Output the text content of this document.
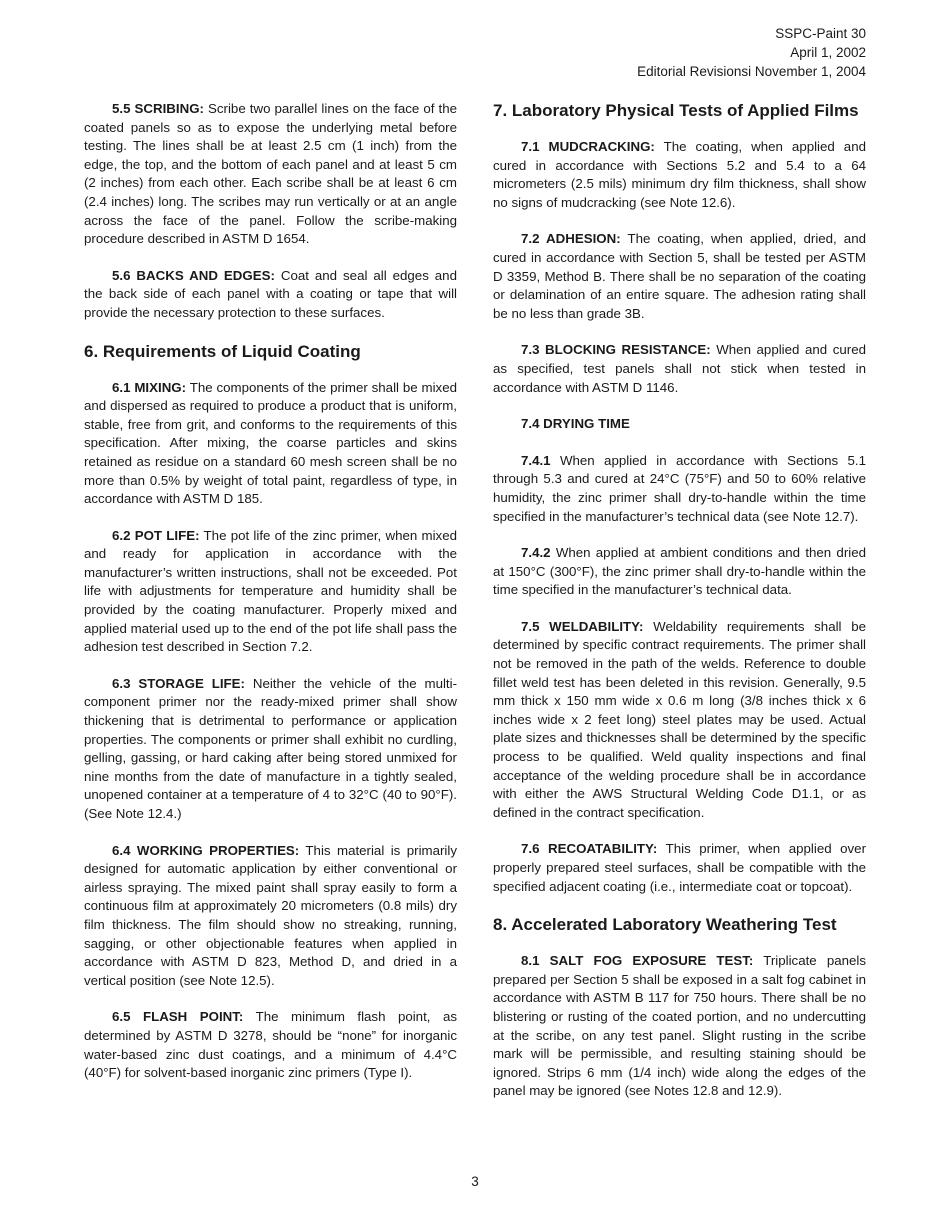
SSPC-Paint 30
April 1, 2002
Editorial Revisionsi November 1, 2004

5.5 SCRIBING: Scribe two parallel lines on the face of the coated panels so as to expose the underlying metal before testing. The lines shall be at least 2.5 cm (1 inch) from the edge, the top, and the bottom of each panel and at least 5 cm (2 inches) from each other. Each scribe shall be at least 6 cm (2.4 inches) long. The scribes may run vertically or at an angle across the face of the panel. Follow the scribe-making procedure described in ASTM D 1654.

5.6 BACKS AND EDGES: Coat and seal all edges and the back side of each panel with a coating or tape that will provide the necessary protection to these surfaces.

6. Requirements of Liquid Coating

6.1 MIXING: The components of the primer shall be mixed and dispersed as required to produce a product that is uniform, stable, free from grit, and conforms to the requirements of this specification. After mixing, the coarse particles and skins retained as residue on a standard 60 mesh screen shall be no more than 0.5% by weight of total paint, regardless of type, in accordance with ASTM D 185.

6.2 POT LIFE: The pot life of the zinc primer, when mixed and ready for application in accordance with the manufacturer’s written instructions, shall not be exceeded. Pot life with adjustments for temperature and humidity shall be provided by the coating manufacturer. Properly mixed and applied material used up to the end of the pot life shall pass the adhesion test described in Section 7.2.

6.3 STORAGE LIFE: Neither the vehicle of the multi-component primer nor the ready-mixed primer shall show thickening that is detrimental to performance or application properties. The components or primer shall exhibit no curdling, gelling, gassing, or hard caking after being stored unmixed for nine months from the date of manufacture in a tightly sealed, unopened container at a temperature of 4 to 32°C (40 to 90°F). (See Note 12.4.)

6.4 WORKING PROPERTIES: This material is primarily designed for automatic application by either conventional or airless spraying. The mixed paint shall spray easily to form a continuous film at approximately 20 micrometers (0.8 mils) dry film thickness. The film should show no streaking, running, sagging, or other objectionable features when applied in accordance with ASTM D 823, Method D, and dried in a vertical position (see Note 12.5).

6.5 FLASH POINT: The minimum flash point, as determined by ASTM D 3278, should be “none” for inorganic water-based zinc dust coatings, and a minimum of 4.4°C (40°F) for solvent-based inorganic zinc primers (Type I).

7. Laboratory Physical Tests of Applied Films

7.1 MUDCRACKING: The coating, when applied and cured in accordance with Sections 5.2 and 5.4 to a 64 micrometers (2.5 mils) minimum dry film thickness, shall show no signs of mudcracking (see Note 12.6).

7.2 ADHESION: The coating, when applied, dried, and cured in accordance with Section 5, shall be tested per ASTM D 3359, Method B. There shall be no separation of the coating or delamination of an entire square. The adhesion rating shall be no less than grade 3B.

7.3 BLOCKING RESISTANCE: When applied and cured as specified, test panels shall not stick when tested in accordance with ASTM D 1146.

7.4 DRYING TIME

7.4.1 When applied in accordance with Sections 5.1 through 5.3 and cured at 24°C (75°F) and 50 to 60% relative humidity, the zinc primer shall dry-to-handle within the time specified in the manufacturer’s technical data (see Note 12.7).

7.4.2 When applied at ambient conditions and then dried at 150°C (300°F), the zinc primer shall dry-to-handle within the time specified in the manufacturer’s technical data.

7.5 WELDABILITY: Weldability requirements shall be determined by specific contract requirements. The primer shall not be removed in the path of the welds. Reference to double fillet weld test has been deleted in this revision. Generally, 9.5 mm thick x 150 mm wide x 0.6 m long (3/8 inches thick x 6 inches wide x 2 feet long) steel plates may be used. Actual plate sizes and thicknesses shall be determined by the specific process to be qualified. Weld quality inspections and final acceptance of the welding procedure shall be in accordance with either the AWS Structural Welding Code D1.1, or as defined in the contract specification.

7.6 RECOATABILITY: This primer, when applied over properly prepared steel surfaces, shall be compatible with the specified adjacent coating (i.e., intermediate coat or topcoat).

8. Accelerated Laboratory Weathering Test

8.1 SALT FOG EXPOSURE TEST: Triplicate panels prepared per Section 5 shall be exposed in a salt fog cabinet in accordance with ASTM B 117 for 750 hours. There shall be no blistering or rusting of the coated portion, and no undercutting at the scribe, on any test panel. Slight rusting in the scribe mark will be permissible, and resulting staining should be ignored. Strips 6 mm (1/4 inch) wide along the edges of the panel may be ignored (see Notes 12.8 and 12.9).

3
